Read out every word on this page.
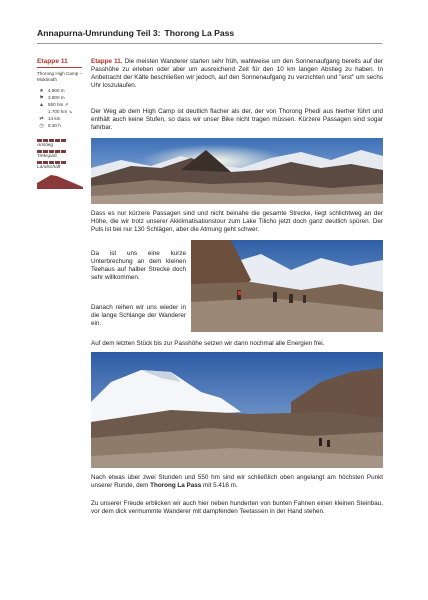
Annapurna-Umrundung Teil 3: Thorong La Pass
Etappe 11
Thorong High Camp – Muktinath
★ 4.800 m
⚑ 3.800 m
▲ 550 hm ↗
1.700 hm ↘
⇄ 14 km
◷ 8:30 h
Anstieg
Trekspaß
Landschaft

Etappe 11. Die meisten Wanderer starten sehr früh, wahlweise um den Sonnenaufgang bereits auf der Passhöhe zu erleben oder aber um ausreichend Zeit für den 10 km langen Abstieg zu haben. In Anbetracht der Kälte beschließen wir jedoch, auf den Sonnenaufgang zu verzichten und "erst" um sechs Uhr loszulaufen.

Der Weg ab dem High Camp ist deutlich flacher als der, der von Thorong Phedi aus hierher führt und enthält auch keine Stufen, so dass wir unser Bike nicht tragen müssen. Kürzere Passagen sind sogar fahrbar.

Dass es nur kürzere Passagen sind und nicht beinahe die gesamte Strecke, liegt schlichtweg an der Höhe, die wir trotz unserer Akklimatisationstour zum Lake Tilicho jetzt doch ganz deutlich spüren. Der Puls ist bei nur 130 Schlägen, aber die Atmung geht schwer.

Da ist uns eine kurze Unterbrechung an dem kleinen Teehaus auf halber Strecke doch sehr willkommen.

Danach reihen wir uns wieder in die lange Schlange der Wanderer ein.

Auf dem letzten Stück bis zur Passhöhe setzen wir dann nochmal alle Energien frei.

Nach etwas über zwei Stunden und 550 hm sind wir schließlich oben angelangt am höchsten Punkt unserer Runde, dem Thorong La Pass mit 5.416 m.

Zu unserer Freude erblicken wir auch hier neben hunderten von bunten Fahnen einen kleinen Steinbau, vor dem dick vermummte Wanderer mit dampfenden Teetassen in der Hand stehen.
